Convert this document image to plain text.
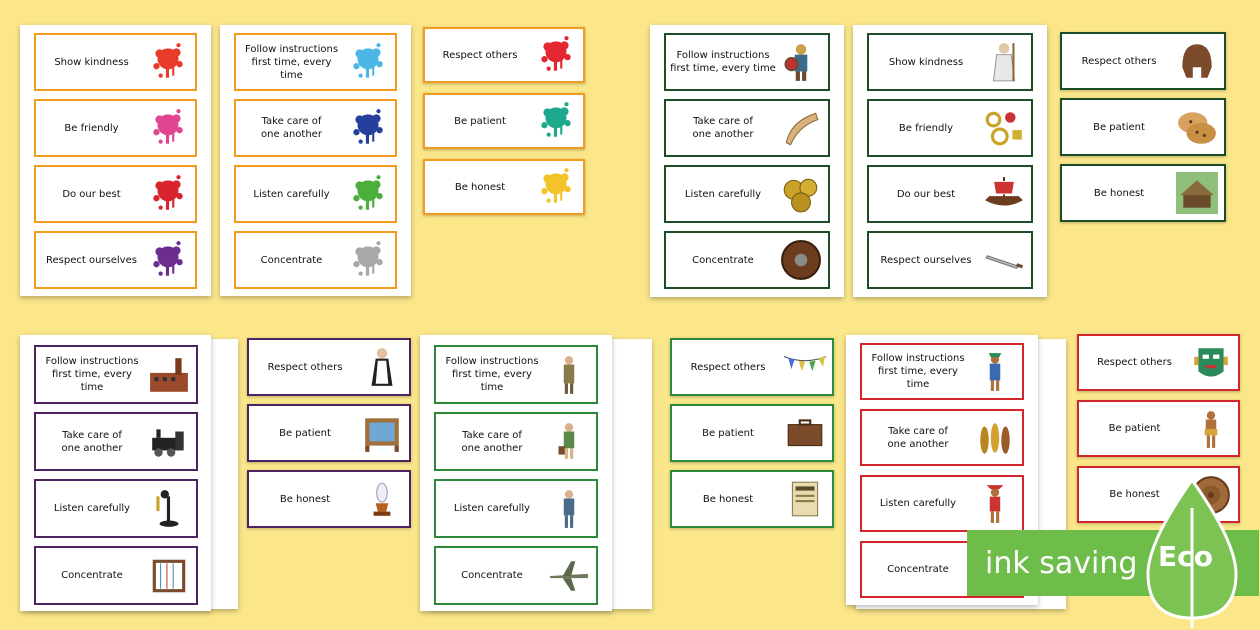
Show kindness
Be friendly
Do our best
Respect ourselves
Follow instructions
first time, every time
Take care of
one another
Listen carefully
Concentrate
Respect others
Be patient
Be honest
Follow instructions
first time, every time
Take care of
one another
Listen carefully
Concentrate
Show kindness
Be friendly
Do our best
Respect ourselves
Respect others
Be patient
Be honest
Follow instructions
first time, every time
Take care of
one another
Listen carefully
Concentrate
Respect others
Be patient
Be honest
Follow instructions
first time, every time
Take care of
one another
Listen carefully
Concentrate
Respect others
Be patient
Be honest
Follow instructions
first time, every time
Take care of
one another
Listen carefully
Concentrate
Respect others
Be patient
Be honest
ink saving Eco
